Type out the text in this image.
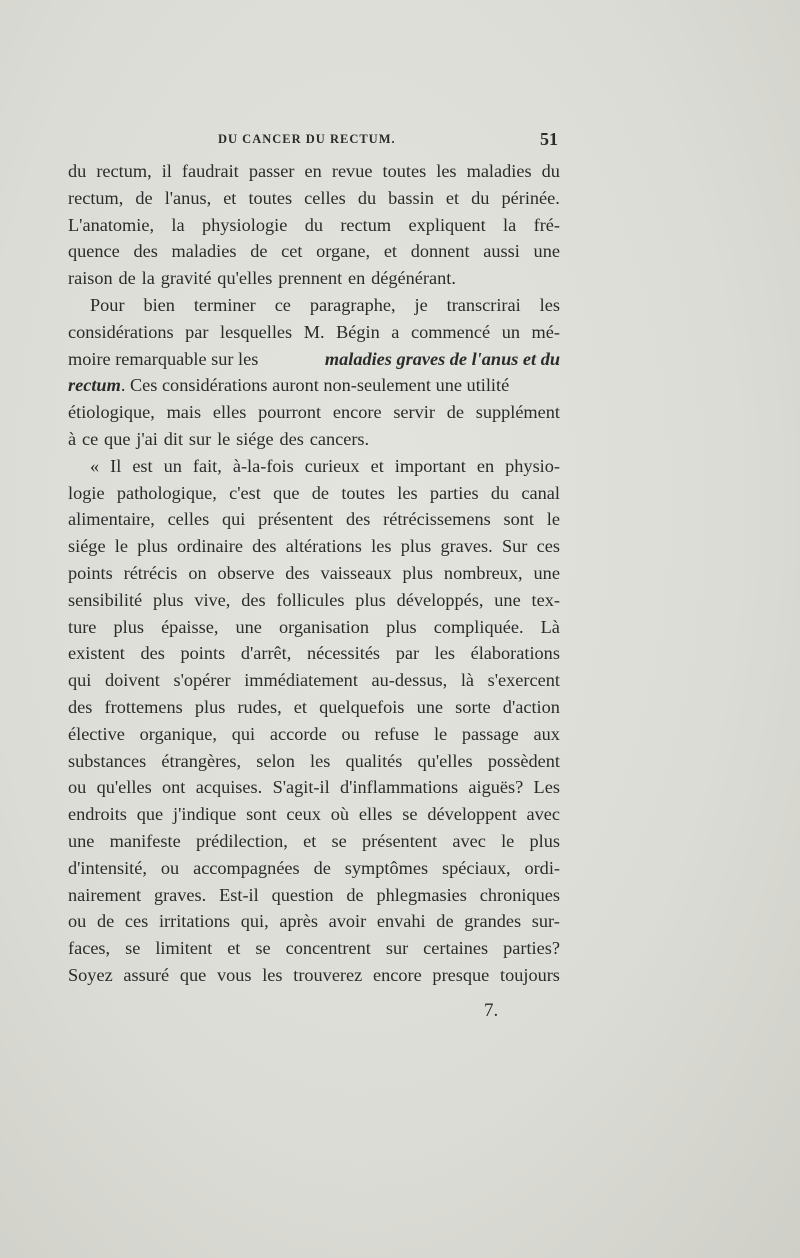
DU CANCER DU RECTUM.	51
du rectum, il faudrait passer en revue toutes les maladies du
rectum, de l'anus, et toutes celles du bassin et du périnée.
L'anatomie, la physiologie du rectum expliquent la fré-
quence des maladies de cet organe, et donnent aussi une
raison de la gravité qu'elles prennent en dégénérant.
Pour bien terminer ce paragraphe, je transcrirai les
considérations par lesquelles M. Bégin a commencé un mé-
moire remarquable sur les	maladies graves de l'anus et du
rectum. Ces considérations auront non-seulement une utilité
étiologique, mais elles pourront encore servir de supplément
à ce que j'ai dit sur le siége des cancers.
« Il est un fait, à-la-fois curieux et important en physio-
logie pathologique, c'est que de toutes les parties du canal
alimentaire, celles qui présentent des rétrécissemens sont le
siége le plus ordinaire des altérations les plus graves. Sur ces
points rétrécis on observe des vaisseaux plus nombreux, une
sensibilité plus vive, des follicules plus développés, une tex-
ture plus épaisse, une organisation plus compliquée. Là
existent des points d'arrêt, nécessités par les élaborations
qui doivent s'opérer immédiatement au-dessus, là s'exercent
des frottemens plus rudes, et quelquefois une sorte d'action
élective organique, qui accorde ou refuse le passage aux
substances étrangères, selon les qualités qu'elles possèdent
ou qu'elles ont acquises. S'agit-il d'inflammations aiguës? Les
endroits que j'indique sont ceux où elles se développent avec
une manifeste prédilection, et se présentent avec le plus
d'intensité, ou accompagnées de symptômes spéciaux, ordi-
nairement graves. Est-il question de phlegmasies chroniques
ou de ces irritations qui, après avoir envahi de grandes sur-
faces, se limitent et se concentrent sur certaines parties?
Soyez assuré que vous les trouverez encore presque toujours
7.
